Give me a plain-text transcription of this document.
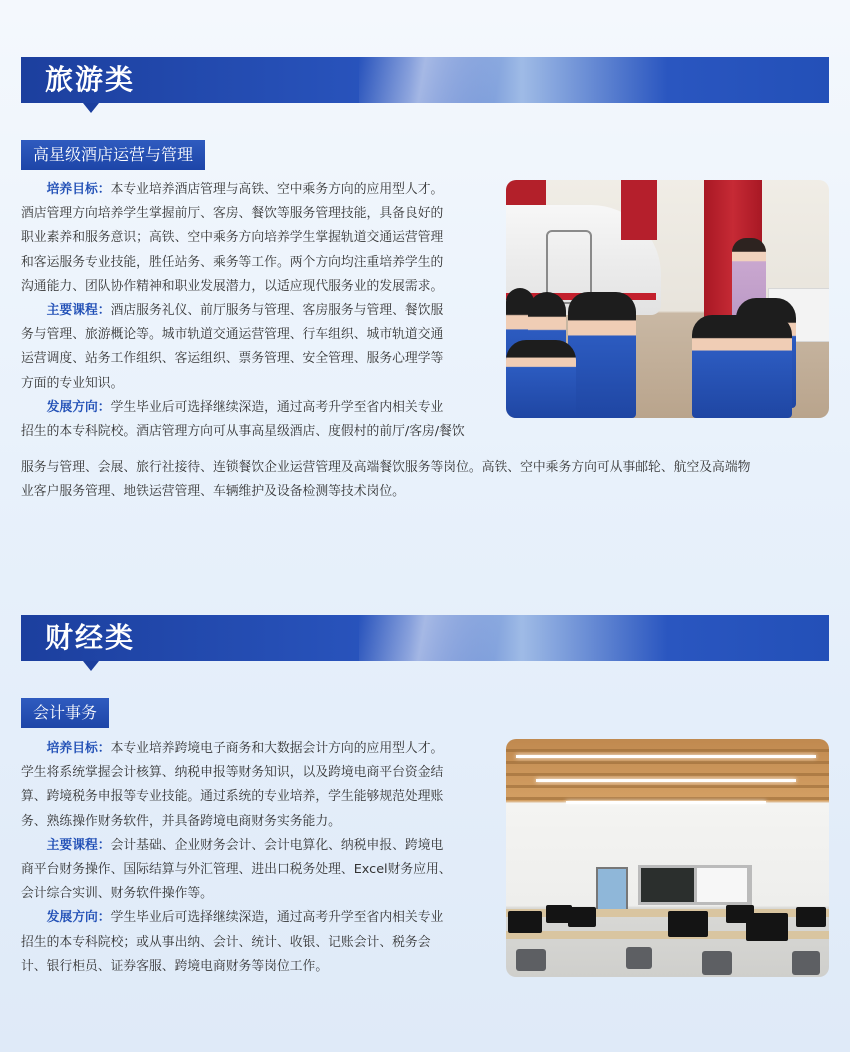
旅游类
高星级酒店运营与管理

培养目标：本专业培养酒店管理与高铁、空中乘务方向的应用型人才。

酒店管理方向培养学生掌握前厅、客房、餐饮等服务管理技能，具备良好的
职业素养和服务意识；高铁、空中乘务方向培养学生掌握轨道交通运营管理
和客运服务专业技能，胜任站务、乘务等工作。两个方向均注重培养学生的
沟通能力、团队协作精神和职业发展潜力，以适应现代服务业的发展需求。

主要课程：酒店服务礼仪、前厅服务与管理、客房服务与管理、餐饮服

务与管理、旅游概论等。城市轨道交通运营管理、行车组织、城市轨道交通
运营调度、站务工作组织、客运组织、票务管理、安全管理、服务心理学等
方面的专业知识。

发展方向：学生毕业后可选择继续深造，通过高考升学至省内相关专业

招生的本专科院校。酒店管理方向可从事高星级酒店、度假村的前厅/客房/餐饮
服务与管理、会展、旅行社接待、连锁餐饮企业运营管理及高端餐饮服务等岗位。高铁、空中乘务方向可从事邮轮、航空及高端物
业客户服务管理、地铁运营管理、车辆维护及设备检测等技术岗位。
财经类
会计事务

培养目标：本专业培养跨境电子商务和大数据会计方向的应用型人才。

学生将系统掌握会计核算、纳税申报等财务知识，以及跨境电商平台资金结
算、跨境税务申报等专业技能。通过系统的专业培养，学生能够规范处理账
务、熟练操作财务软件，并具备跨境电商财务实务能力。

主要课程：会计基础、企业财务会计、会计电算化、纳税申报、跨境电

商平台财务操作、国际结算与外汇管理、进出口税务处理、Excel财务应用、
会计综合实训、财务软件操作等。

发展方向：学生毕业后可选择继续深造，通过高考升学至省内相关专业

招生的本专科院校；或从事出纳、会计、统计、收银、记账会计、税务会
计、银行柜员、证券客服、跨境电商财务等岗位工作。
